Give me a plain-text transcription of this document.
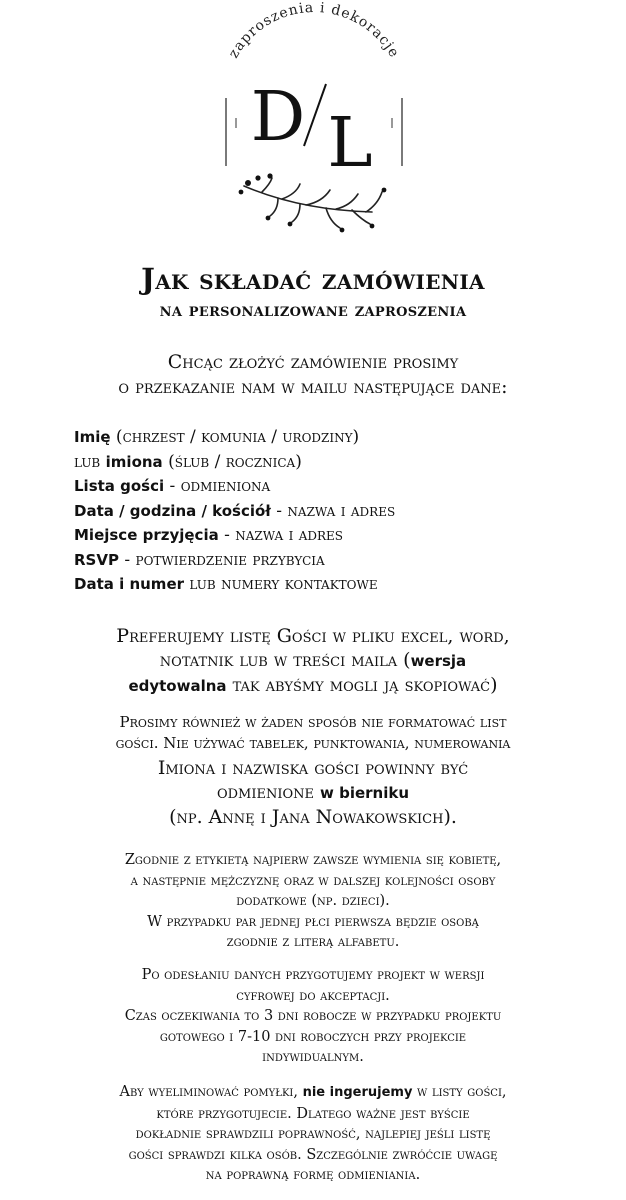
zaproszenia i dekoracje
D L
Jak składać zamówienia
na personalizowane zaproszenia
Chcąc złożyć zamówienie prosimy
o przekazanie nam w mailu następujące dane:
Imię (chrzest / komunia / urodziny)
lub imiona (ślub / rocznica)
Lista gości - odmieniona
Data / godzina / kościół - nazwa i adres
Miejsce przyjęcia - nazwa i adres
RSVP - potwierdzenie przybycia
Data i numer lub numery kontaktowe
Preferujemy listę Gości w pliku excel, word,
notatnik lub w treści maila (wersja
edytowalna tak abyśmy mogli ją skopiować)
Prosimy również w żaden sposób nie formatować list
gości. Nie używać tabelek, punktowania, numerowania
Imiona i nazwiska gości powinny być
odmienione w bierniku
(np. Annę i Jana Nowakowskich).
Zgodnie z etykietą najpierw zawsze wymienia się kobietę,
a następnie mężczyznę oraz w dalszej kolejności osoby
dodatkowe (np. dzieci).
W przypadku par jednej płci pierwsza będzie osobą
zgodnie z literą alfabetu.
Po odesłaniu danych przygotujemy projekt w wersji
cyfrowej do akceptacji.
Czas oczekiwania to 3 dni robocze w przypadku projektu
gotowego i 7-10 dni roboczych przy projekcie
indywidualnym.
Aby wyeliminować pomyłki, nie ingerujemy w listy gości,
które przygotujecie. Dlatego ważne jest byście
dokładnie sprawdzili poprawność, najlepiej jeśli listę
gości sprawdzi kilka osób. Szczególnie zwróćcie uwagę
na poprawną formę odmieniania.
